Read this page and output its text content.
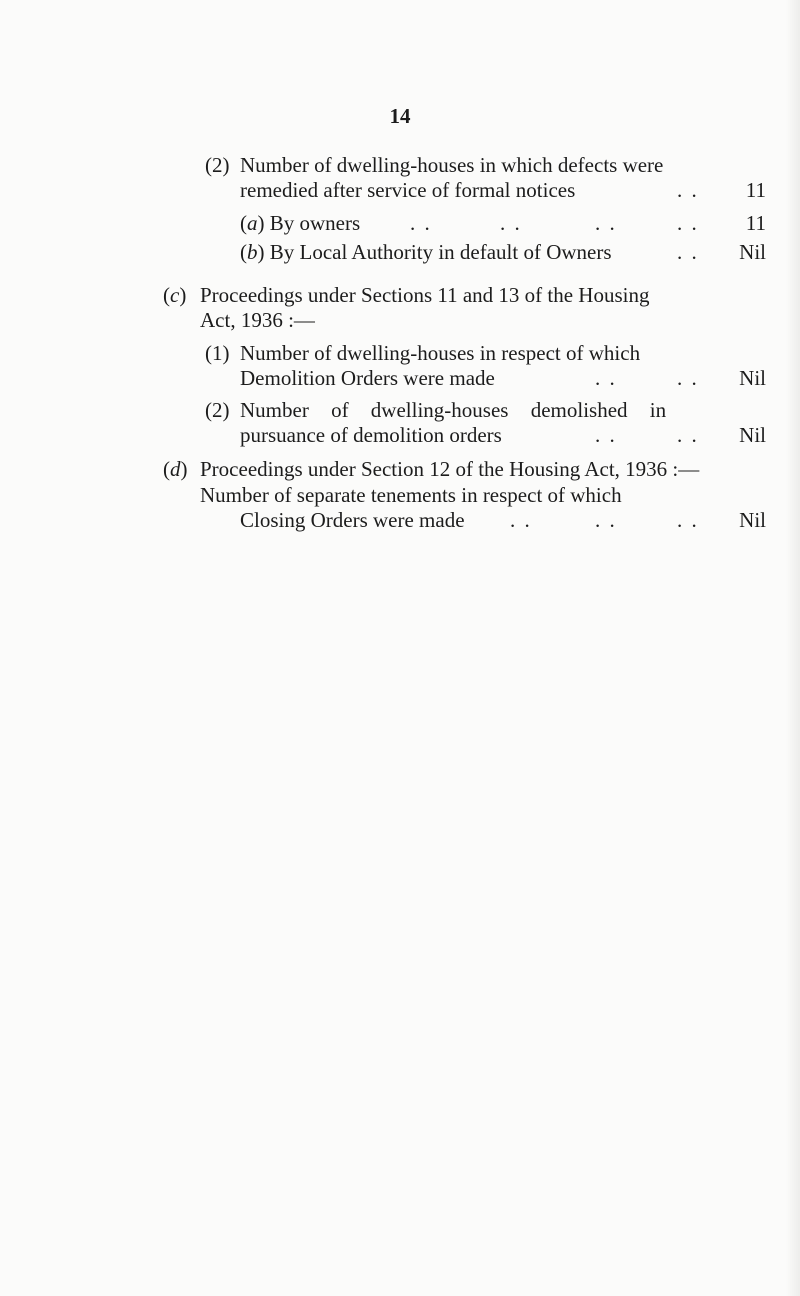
14
(2) Number of dwelling-houses in which defects were
remedied after service of formal notices	. .	11
(a) By owners . .	. .	. .	. .	11
(b) By Local Authority in default of Owners	. .	Nil
(c) Proceedings under Sections 11 and 13 of the Housing
Act, 1936 :—
(1) Number of dwelling-houses in respect of which
Demolition Orders were made	. .	. .	Nil
(2) Number of dwelling-houses demolished in
pursuance of demolition orders	. .	. .	Nil
(d) Proceedings under Section 12 of the Housing Act, 1936 :—
Number of separate tenements in respect of which
Closing Orders were made . .	. .	. .	Nil
